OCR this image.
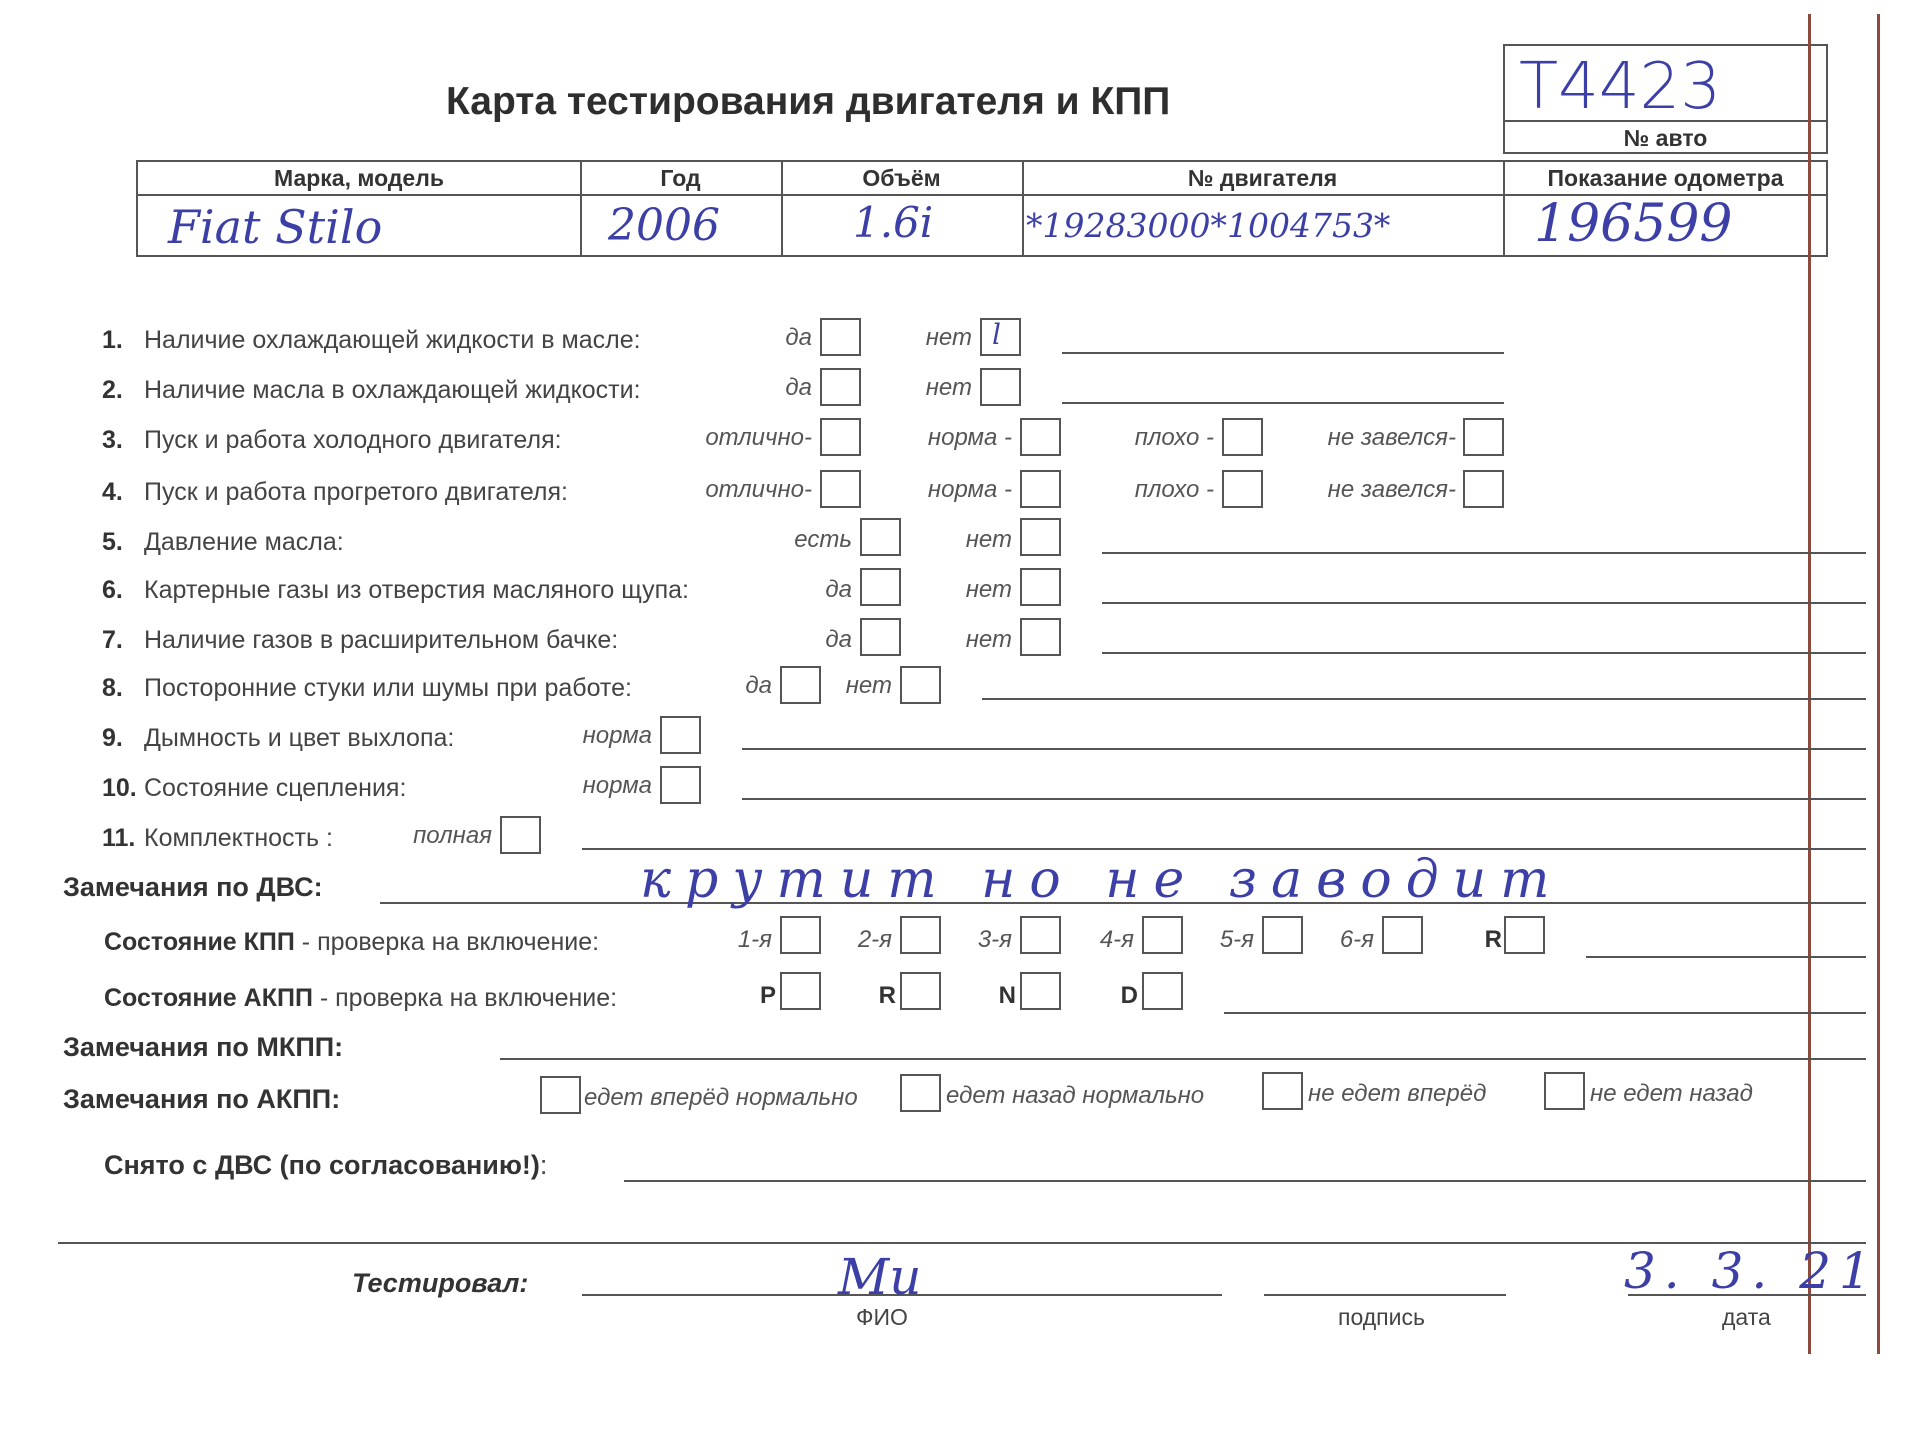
Карта тестирования двигателя и КПП	Т4423
№ авто
Марка, модель	Год	Объём	№ двигателя	Показание одометра
Fiat Stilo	2006	1.6i	*19283000*1004753*	196599
1. Наличие охлаждающей жидкости в масле:	да	нет l
2. Наличие масла в охлаждающей жидкости:	да	нет
3. Пуск и работа холодного двигателя:	отлично-	норма -	плохо -	не завелся-
4. Пуск и работа прогретого двигателя:	отлично-	норма -	плохо -	не завелся-
5. Давление масла:	есть	нет
6. Картерные газы из отверстия масляного щупа:	да	нет
7. Наличие газов в расширительном бачке:	да	нет
8. Посторонние стуки или шумы при работе:	да	нет
9. Дымность и цвет выхлопа:	норма
10. Состояние сцепления:	норма
11. Комплектность :	полная
Замечания по ДВС:	крутит но не заводит
Состояние КПП - проверка на включение:	1-я	2-я	3-я	4-я	5-я	6-я	R
Состояние АКПП - проверка на включение:	P	R	N	D
Замечания по МКПП:
Замечания по АКПП:	едет вперёд нормально	едет назад нормально	не едет вперёд	не едет назад
Снято с ДВС (по согласованию!):
Тестировал:	Ми
ФИО	подпись
3. 3. 21
дата
